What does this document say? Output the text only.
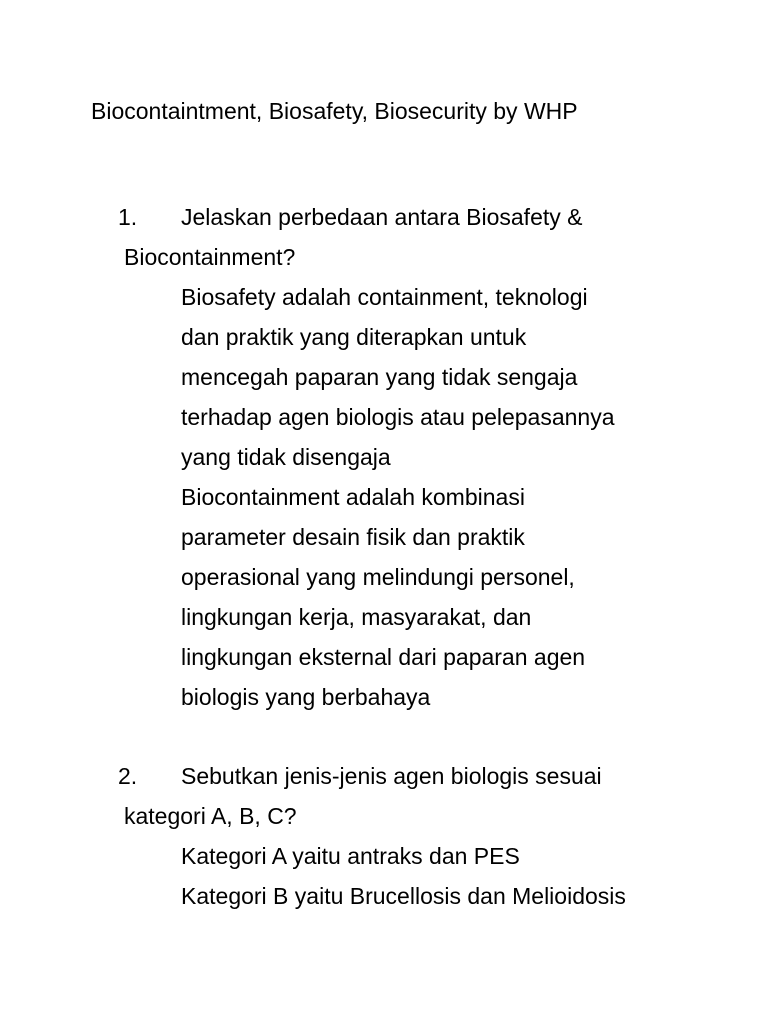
Biocontaintment, Biosafety, Biosecurity by WHP
1. Jelaskan perbedaan antara Biosafety &
Biocontainment?
Biosafety adalah containment, teknologi
dan praktik yang diterapkan untuk
mencegah paparan yang tidak sengaja
terhadap agen biologis atau pelepasannya
yang tidak disengaja
Biocontainment adalah kombinasi
parameter desain fisik dan praktik
operasional yang melindungi personel,
lingkungan kerja, masyarakat, dan
lingkungan eksternal dari paparan agen
biologis yang berbahaya
2. Sebutkan jenis-jenis agen biologis sesuai
kategori A, B, C?
Kategori A yaitu antraks dan PES
Kategori B yaitu Brucellosis dan Melioidosis
